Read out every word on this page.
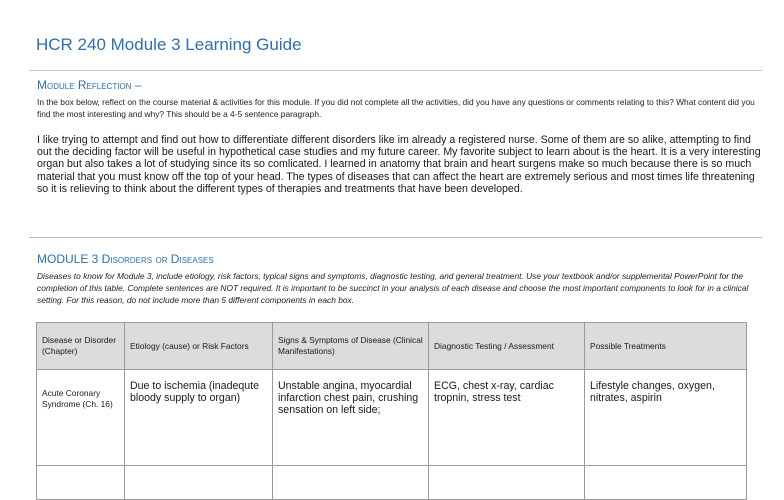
HCR 240 Module 3 Learning Guide
Module Reflection –
In the box below, reflect on the course material & activities for this module. If you did not complete all the activities, did you have any questions or comments relating to this? What content did you find the most interesting and why? This should be a 4-5 sentence paragraph.
I like trying to attempt and find out how to differentiate different disorders like im already a registered nurse. Some of them are so alike, attempting to find out the deciding factor will be useful in hypothetical case studies and my future career. My favorite subject to learn about is the heart. It is a very interesting organ but also takes a lot of studying since its so comlicated. I learned in anatomy that brain and heart surgens make so much because there is so much material that you must know off the top of your head. The types of diseases that can affect the heart are extremely serious and most times life threatening so it is relieving to think about the different types of therapies and treatments that have been developed.
MODULE 3 Disorders or Diseases
Diseases to know for Module 3, include etiology, risk factors, typical signs and symptoms, diagnostic testing, and general treatment. Use your textbook and/or supplemental PowerPoint for the completion of this table. Complete sentences are NOT required. It is important to be succinct in your analysis of each disease and choose the most important components to look for in a clinical setting. For this reason, do not include more than 5 different components in each box.
Disease or Disorder (Chapter)	Etiology (cause) or Risk Factors	Signs & Symptoms of Disease (Clinical Manifestations)	Diagnostic Testing / Assessment	Possible Treatments
Acute Coronary Syndrome (Ch. 16)	Due to ischemia (inadequte bloody supply to organ)	Unstable angina, myocardial infarction chest pain, crushing sensation on left side;	ECG, chest x-ray, cardiac tropnin, stress test	Lifestyle changes, oxygen, nitrates, aspirin
